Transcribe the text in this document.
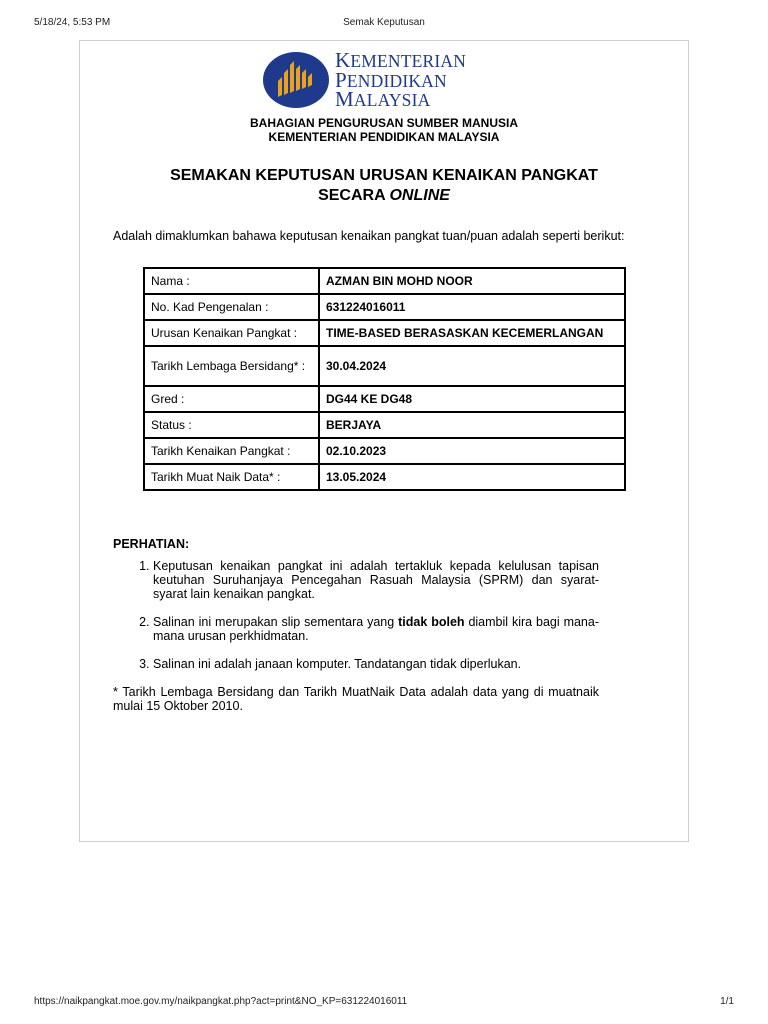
5/18/24, 5:53 PM	Semak Keputusan
KEMENTERIAN
PENDIDIKAN
MALAYSIA
BAHAGIAN PENGURUSAN SUMBER MANUSIA
KEMENTERIAN PENDIDIKAN MALAYSIA
SEMAKAN KEPUTUSAN URUSAN KENAIKAN PANGKAT
SECARA ONLINE
Adalah dimaklumkan bahawa keputusan kenaikan pangkat tuan/puan adalah seperti berikut:
Nama :	AZMAN BIN MOHD NOOR
No. Kad Pengenalan :	631224016011
Urusan Kenaikan Pangkat :	TIME-BASED BERASASKAN KECEMERLANGAN
Tarikh Lembaga Bersidang* :	30.04.2024
Gred :	DG44 KE DG48
Status :	BERJAYA
Tarikh Kenaikan Pangkat :	02.10.2023
Tarikh Muat Naik Data* :	13.05.2024
PERHATIAN:
1. Keputusan kenaikan pangkat ini adalah tertakluk kepada kelulusan tapisan keutuhan Suruhanjaya Pencegahan Rasuah Malaysia (SPRM) dan syarat-syarat lain kenaikan pangkat.
2. Salinan ini merupakan slip sementara yang tidak boleh diambil kira bagi mana-mana urusan perkhidmatan.
3. Salinan ini adalah janaan komputer. Tandatangan tidak diperlukan.
* Tarikh Lembaga Bersidang dan Tarikh MuatNaik Data adalah data yang di muatnaik mulai 15 Oktober 2010.
https://naikpangkat.moe.gov.my/naikpangkat.php?act=print&NO_KP=631224016011	1/1
